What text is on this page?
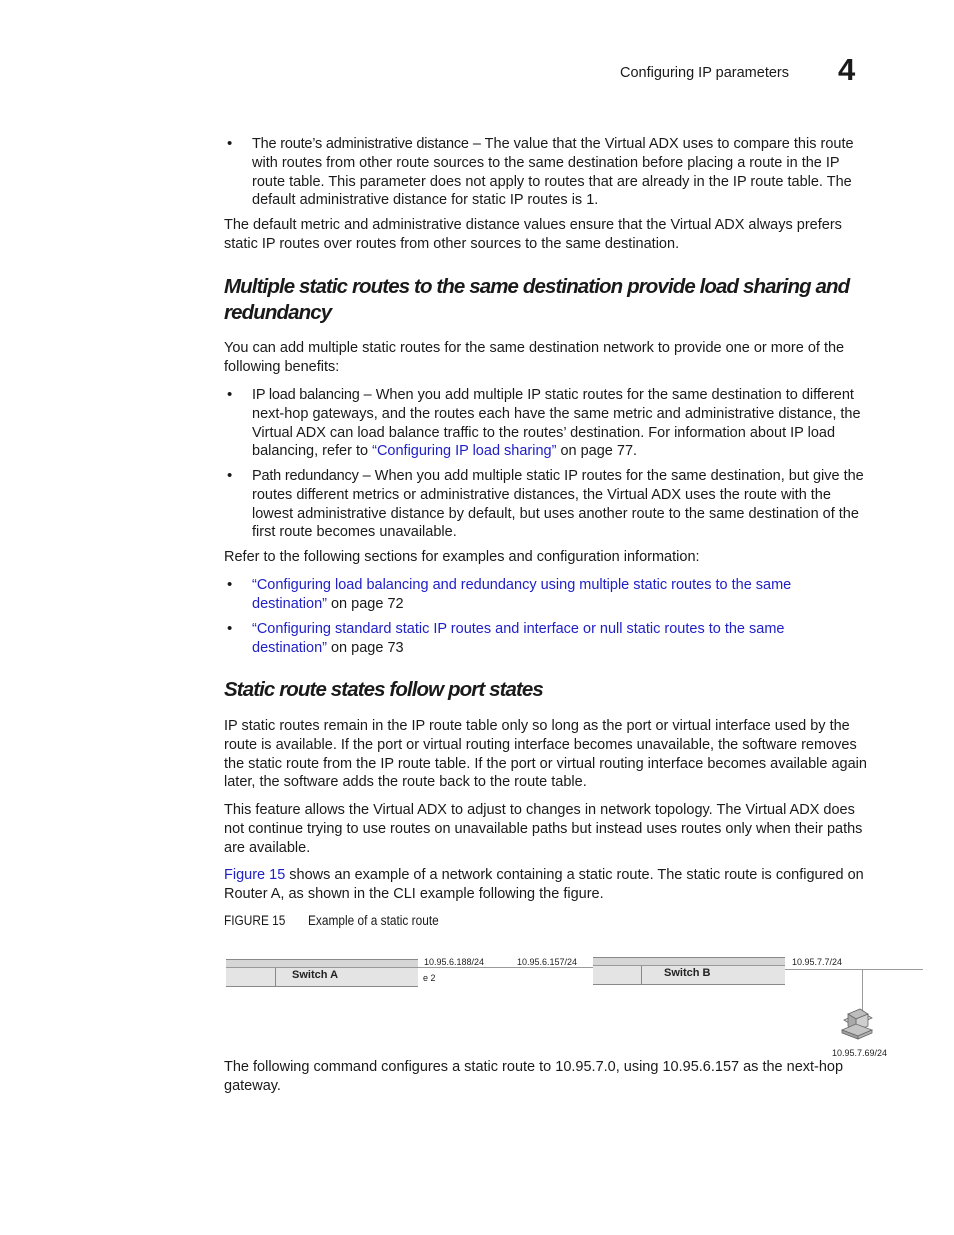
Configuring IP parameters 4
• The route’s administrative distance – The value that the Virtual ADX uses to compare this route with routes from other route sources to the same destination before placing a route in the IP route table. This parameter does not apply to routes that are already in the IP route table. The default administrative distance for static IP routes is 1.

The default metric and administrative distance values ensure that the Virtual ADX always prefers static IP routes over routes from other sources to the same destination.

Multiple static routes to the same destination provide load sharing and redundancy

You can add multiple static routes for the same destination network to provide one or more of the following benefits:

• IP load balancing – When you add multiple IP static routes for the same destination to different next-hop gateways, and the routes each have the same metric and administrative distance, the Virtual ADX can load balance traffic to the routes’ destination. For information about IP load balancing, refer to “Configuring IP load sharing” on page 77.

• Path redundancy – When you add multiple static IP routes for the same destination, but give the routes different metrics or administrative distances, the Virtual ADX uses the route with the lowest administrative distance by default, but uses another route to the same destination of the first route becomes unavailable.

Refer to the following sections for examples and configuration information:

• “Configuring load balancing and redundancy using multiple static routes to the same destination” on page 72

• “Configuring standard static IP routes and interface or null static routes to the same destination” on page 73

Static route states follow port states

IP static routes remain in the IP route table only so long as the port or virtual interface used by the route is available. If the port or virtual routing interface becomes unavailable, the software removes the static route from the IP route table. If the port or virtual routing interface becomes available again later, the software adds the route back to the route table.

This feature allows the Virtual ADX to adjust to changes in network topology. The Virtual ADX does not continue trying to use routes on unavailable paths but instead uses routes only when their paths are available.

Figure 15 shows an example of a network containing a static route. The static route is configured on Router A, as shown in the CLI example following the figure.

FIGURE 15 Example of a static route
Switch A
10.95.6.188/24
e 2
10.95.6.157/24
Switch B
10.95.7.7/24
10.95.7.69/24

The following command configures a static route to 10.95.7.0, using 10.95.6.157 as the next-hop gateway.
